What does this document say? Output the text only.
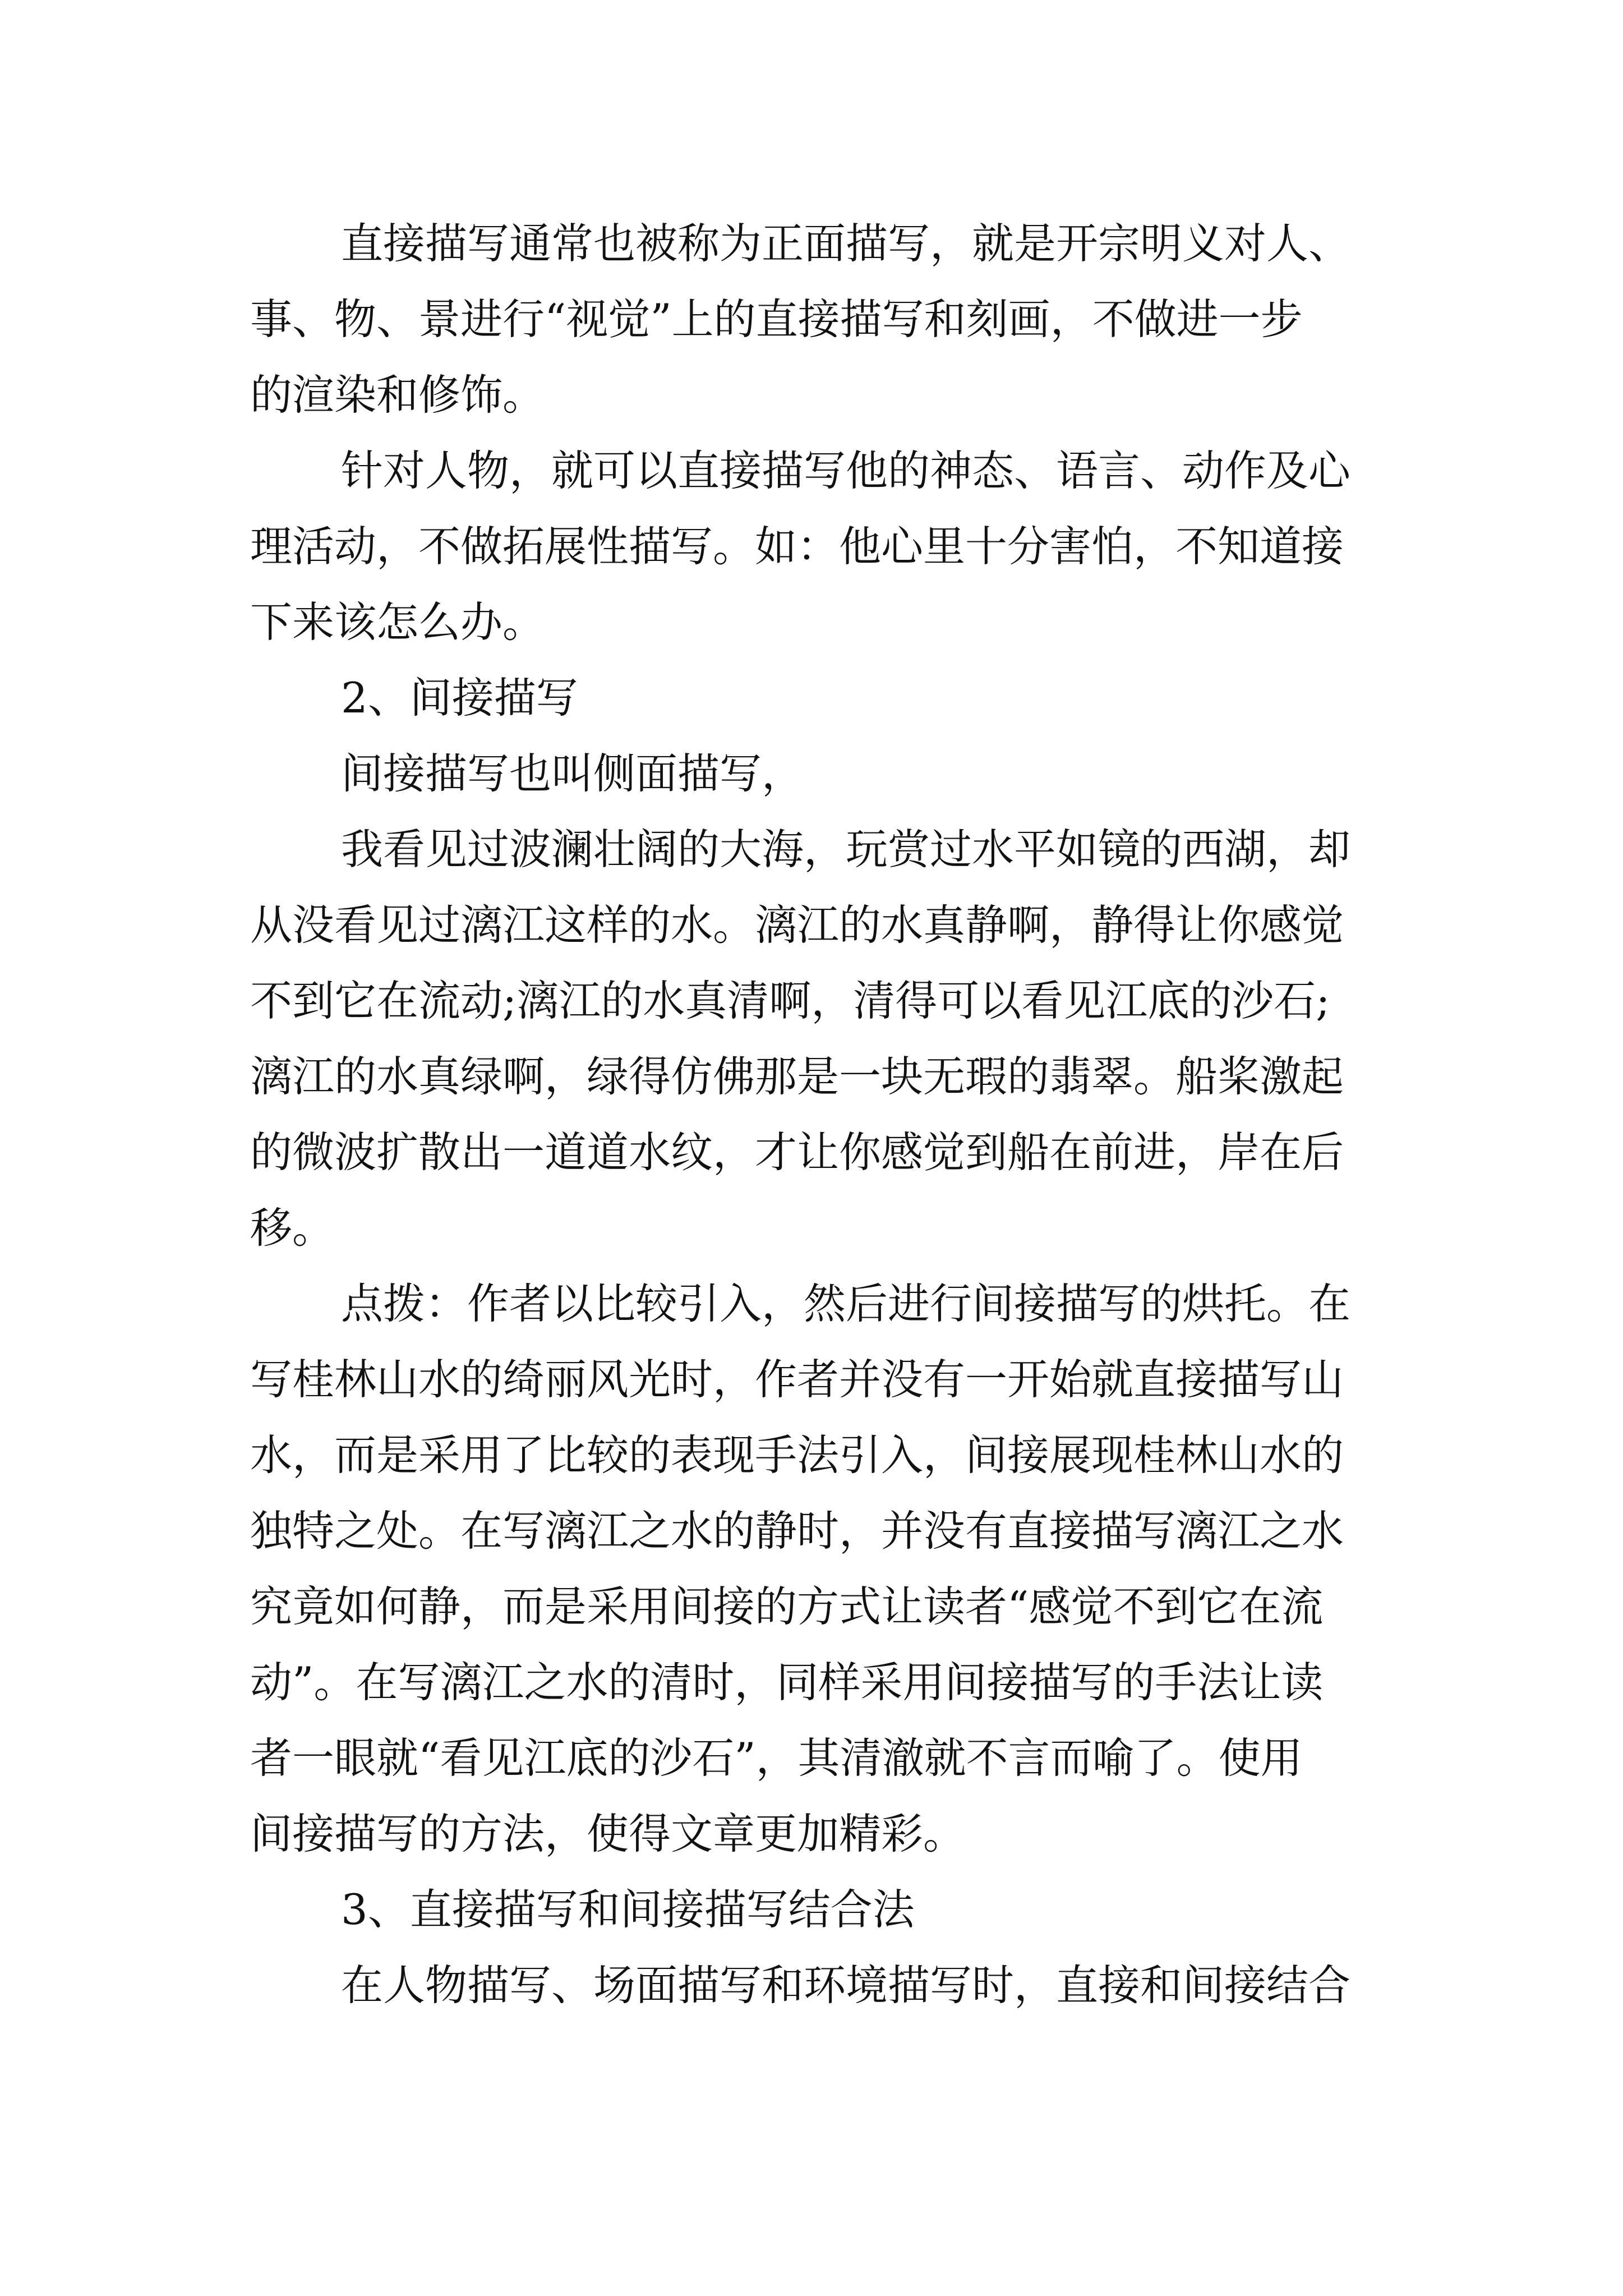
直接描写通常也被称为正面描写，就是开宗明义对人、

事、物、景进行“视觉”上的直接描写和刻画，不做进一步

的渲染和修饰。

针对人物，就可以直接描写他的神态、语言、动作及心

理活动，不做拓展性描写。如：他心里十分害怕，不知道接

下来该怎么办。

2、间接描写

间接描写也叫侧面描写，

我看见过波澜壮阔的大海，玩赏过水平如镜的西湖，却

从没看见过漓江这样的水。漓江的水真静啊，静得让你感觉

不到它在流动;漓江的水真清啊，清得可以看见江底的沙石;

漓江的水真绿啊，绿得仿佛那是一块无瑕的翡翠。船桨激起

的微波扩散出一道道水纹，才让你感觉到船在前进，岸在后

移。

点拨：作者以比较引入，然后进行间接描写的烘托。在

写桂林山水的绮丽风光时，作者并没有一开始就直接描写山

水，而是采用了比较的表现手法引入，间接展现桂林山水的

独特之处。在写漓江之水的静时，并没有直接描写漓江之水

究竟如何静，而是采用间接的方式让读者“感觉不到它在流

动”。在写漓江之水的清时，同样采用间接描写的手法让读

者一眼就“看见江底的沙石”，其清澈就不言而喻了。使用

间接描写的方法，使得文章更加精彩。

3、直接描写和间接描写结合法

在人物描写、场面描写和环境描写时，直接和间接结合
